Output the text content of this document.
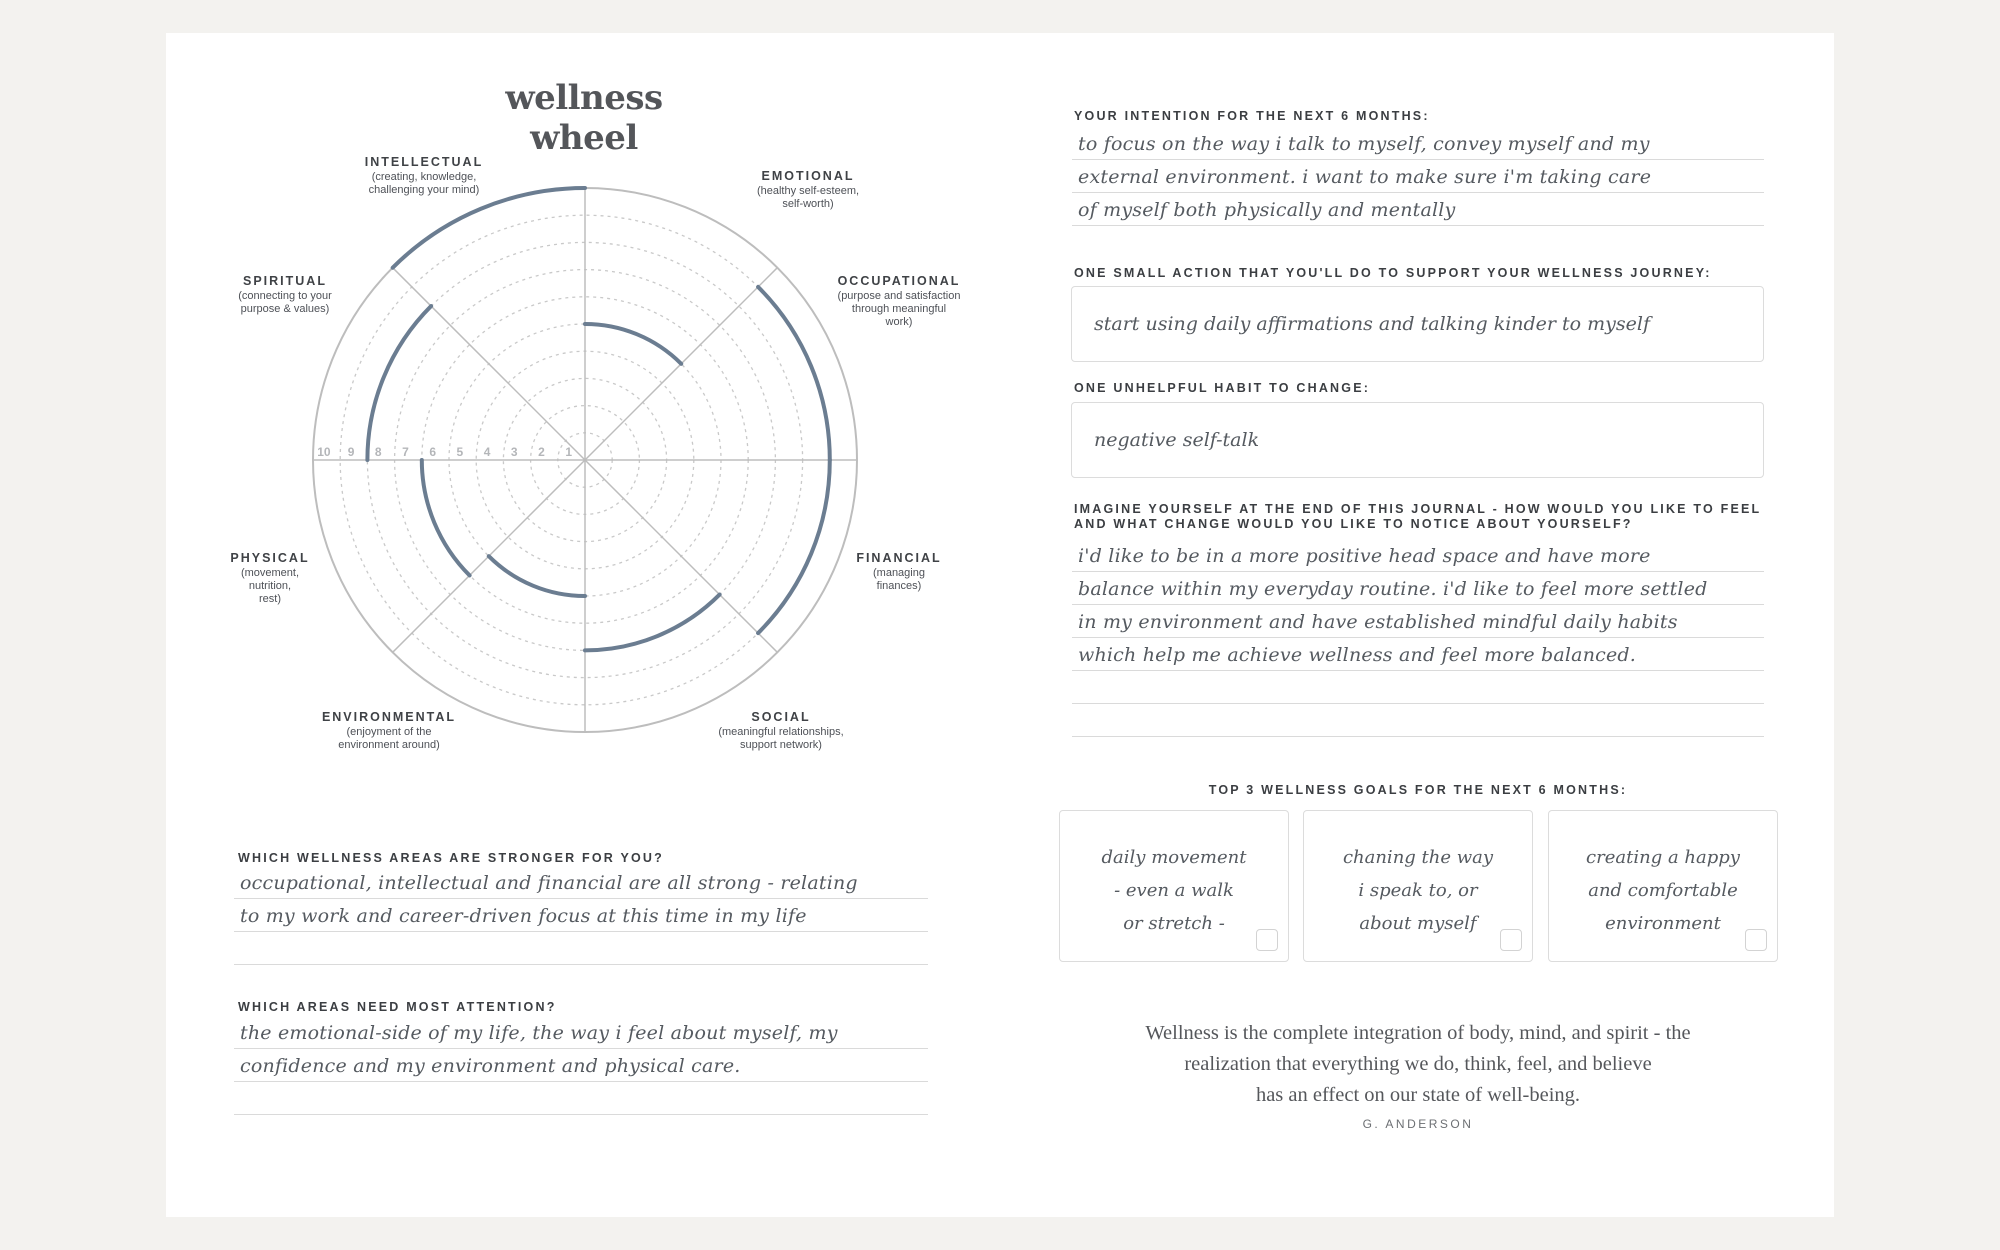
wellness wheel
10 9 8 7 6 5 4 3 2 1
EMOTIONAL
(healthy self-esteem,
self-worth)
OCCUPATIONAL
(purpose and satisfaction
through meaningful
work)
FINANCIAL
(managing
finances)
SOCIAL
(meaningful relationships,
support network)
ENVIRONMENTAL
(enjoyment of the
environment around)
PHYSICAL
(movement,
nutrition,
rest)
SPIRITUAL
(connecting to your
purpose & values)
INTELLECTUAL
(creating, knowledge,
challenging your mind)

WHICH WELLNESS AREAS ARE STRONGER FOR YOU?

occupational, intellectual and financial are all strong - relating
to my work and career-driven focus at this time in my life

WHICH AREAS NEED MOST ATTENTION?

the emotional-side of my life, the way i feel about myself, my
confidence and my environment and physical care.

YOUR INTENTION FOR THE NEXT 6 MONTHS:

to focus on the way i talk to myself, convey myself and my
external environment. i want to make sure i'm taking care
of myself both physically and mentally

ONE SMALL ACTION THAT YOU'LL DO TO SUPPORT YOUR WELLNESS JOURNEY:

start using daily affirmations and talking kinder to myself

ONE UNHELPFUL HABIT TO CHANGE:

negative self-talk

IMAGINE YOURSELF AT THE END OF THIS JOURNAL - HOW WOULD YOU LIKE TO FEEL
AND WHAT CHANGE WOULD YOU LIKE TO NOTICE ABOUT YOURSELF?

i'd like to be in a more positive head space and have more
balance within my everyday routine. i'd like to feel more settled
in my environment and have established mindful daily habits
which help me achieve wellness and feel more balanced.

TOP 3 WELLNESS GOALS FOR THE NEXT 6 MONTHS:

daily movement
- even a walk
or stretch -
chaning the way
i speak to, or
about myself
creating a happy
and comfortable
environment

Wellness is the complete integration of body, mind, and spirit - the
realization that everything we do, think, feel, and believe
has an effect on our state of well-being.

G. ANDERSON
